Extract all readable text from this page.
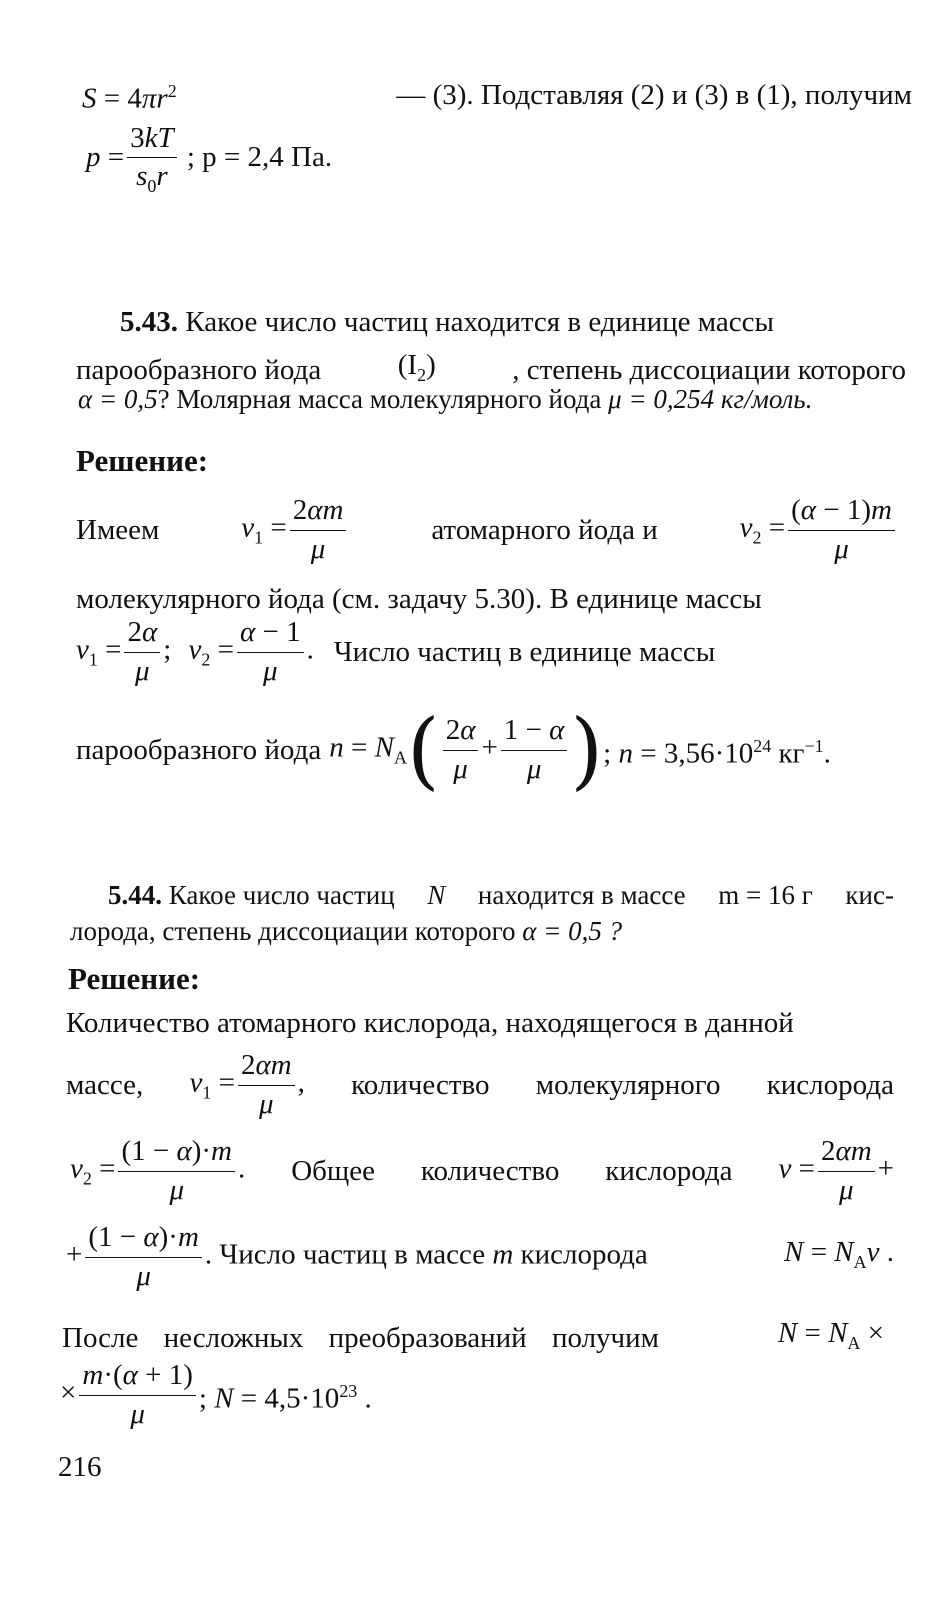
$S = 4\pi r^2$	— (3). Подставляя (2) и (3) в (1), получим
$p = \frac{3kT}{s_0r}$ ; p = 2,4 Па.
5.43. Какое число частиц находится в единице массы
парообразного йода	$(I_2)$	, степень диссоциации которого
α = 0,5? Молярная масса молекулярного йода μ = 0,254 кг/моль.
Решение:
Имеем	$\nu_1 = \frac{2\alpha m}{\mu}$	атомарного йода и	$\nu_2 = \frac{(\alpha - 1)m}{\mu}$
молекулярного йода (см. задачу 5.30). В единице массы
$\nu_1 = \frac{2\alpha}{\mu}$ ; $\nu_2 = \frac{\alpha - 1}{\mu}$ . Число частиц в единице массы
парообразного йода $n = N_A( \frac{2\alpha}{\mu} + \frac{1 - \alpha}{\mu}$ ) ; $n = 3,56\cdot 10^{24}$ $кг^{-1}$.
5.44. Какое число частиц N находится в массе m = 16 г кис-
лорода, степень диссоциации которого α = 0,5 ?
Решение:
Количество атомарного кислорода, находящегося в данной
массе, $\nu_1 = \frac{2\alpha m}{\mu}$ , количество молекулярного кислорода
$\nu_2 = \frac{(1 - \alpha)\cdot m}{\mu}$ . Общее количество кислорода $\nu = \frac{2\alpha m}{\mu}$ +
+ $\frac{(1 - \alpha)\cdot m}{\mu}$ . Число частиц в массе m кислорода	$N = N_A\nu$ .
После несложных преобразований получим	$N = N_A$ ×
× $\frac{m\cdot(\alpha + 1)}{\mu}$ ; $N = 4,5\cdot 10^{23}$ .
216
